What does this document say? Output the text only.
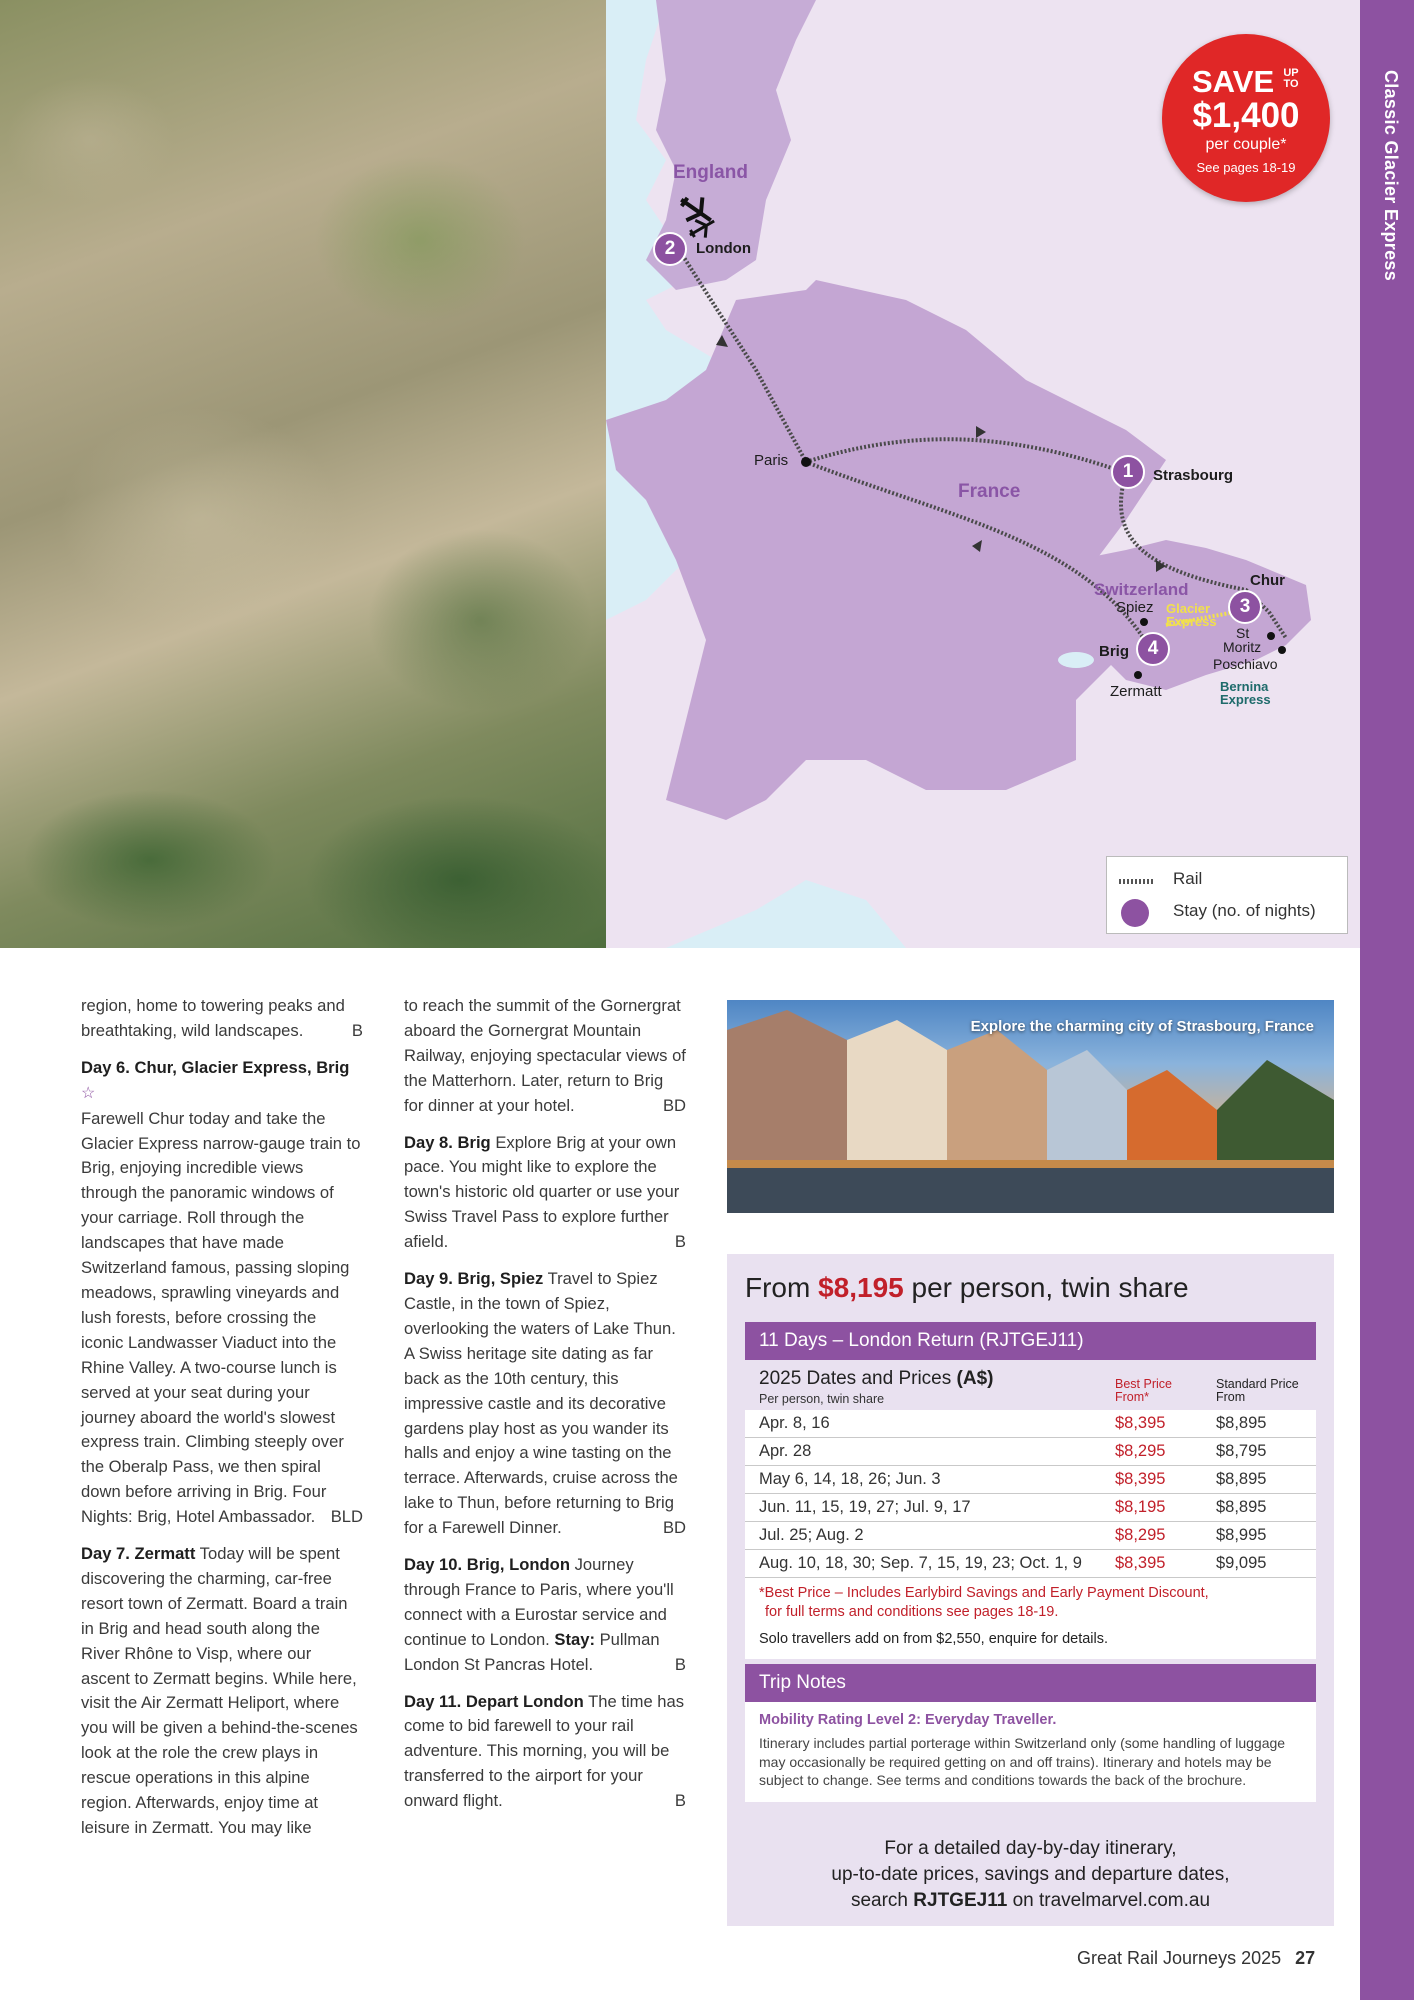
England
France
Switzerland
2	London
Paris
1	Strasbourg
Chur
3
Spiez Glacier
Express
4
Brig
St
Moritz
Poschiavo
Zermatt	Bernina
Express
Rail
Stay (no. of nights)
SAVE UP
TO
$1,400
per couple*
See pages 18-19	Classic Glacier Express

region, home to towering peaks and breathtaking, wild landscapes.	B

Day 6. Chur, Glacier Express, Brig ☆
Farewell Chur today and take the Glacier Express narrow-gauge train to Brig, enjoying incredible views through the panoramic windows of your carriage. Roll through the landscapes that have made Switzerland famous, passing sloping meadows, sprawling vineyards and lush forests, before crossing the iconic Landwasser Viaduct into the Rhine Valley. A two-course lunch is served at your seat during your journey aboard the world's slowest express train. Climbing steeply over the Oberalp Pass, we then spiral down before arriving in Brig. Four Nights: Brig, Hotel Ambassador. BLD

Day 7. Zermatt Today will be spent discovering the charming, car-free resort town of Zermatt. Board a train in Brig and head south along the River Rhône to Visp, where our ascent to Zermatt begins. While here, visit the Air Zermatt Heliport, where you will be given a behind-the-scenes look at the role the crew plays in rescue operations in this alpine region. Afterwards, enjoy time at leisure in Zermatt. You may like

to reach the summit of the Gornergrat aboard the Gornergrat Mountain Railway, enjoying spectacular views of the Matterhorn. Later, return to Brig for dinner at your hotel.	BD

Day 8. Brig Explore Brig at your own pace. You might like to explore the town's historic old quarter or use your Swiss Travel Pass to explore further afield.	B

Day 9. Brig, Spiez Travel to Spiez Castle, in the town of Spiez, overlooking the waters of Lake Thun. A Swiss heritage site dating as far back as the 10th century, this impressive castle and its decorative gardens play host as you wander its halls and enjoy a wine tasting on the terrace. Afterwards, cruise across the lake to Thun, before returning to Brig for a Farewell Dinner.	BD

Day 10. Brig, London Journey through France to Paris, where you'll connect with a Eurostar service and continue to London. Stay: Pullman London St Pancras Hotel.	B

Day 11. Depart London The time has come to bid farewell to your rail adventure. This morning, you will be transferred to the airport for your onward flight.	B

Explore the charming city of Strasbourg, France
From $8,195 per person, twin share
11 Days – London Return (RJTGEJ11)
2025 Dates and Prices (A$)
Per person, twin share
Best Price
From*
Standard Price
From
Apr. 8, 16	$8,395	$8,895
Apr. 28	$8,295	$8,795
May 6, 14, 18, 26; Jun. 3	$8,395	$8,895
Jun. 11, 15, 19, 27; Jul. 9, 17	$8,195	$8,895
Jul. 25; Aug. 2	$8,295	$8,995
Aug. 10, 18, 30; Sep. 7, 15, 19, 23; Oct. 1, 9 $8,395	$9,095
*Best Price – Includes Earlybird Savings and Early Payment Discount,
for full terms and conditions see pages 18-19.
Solo travellers add on from $2,550, enquire for details.
Trip Notes
Mobility Rating Level 2: Everyday Traveller.
Itinerary includes partial porterage within Switzerland only (some handling of luggage may occasionally be required getting on and off trains). Itinerary and hotels may be subject to change. See terms and conditions towards the back of the brochure.
For a detailed day-by-day itinerary,
up-to-date prices, savings and departure dates,
search RJTGEJ11 on travelmarvel.com.au
Great Rail Journeys 2025 27
